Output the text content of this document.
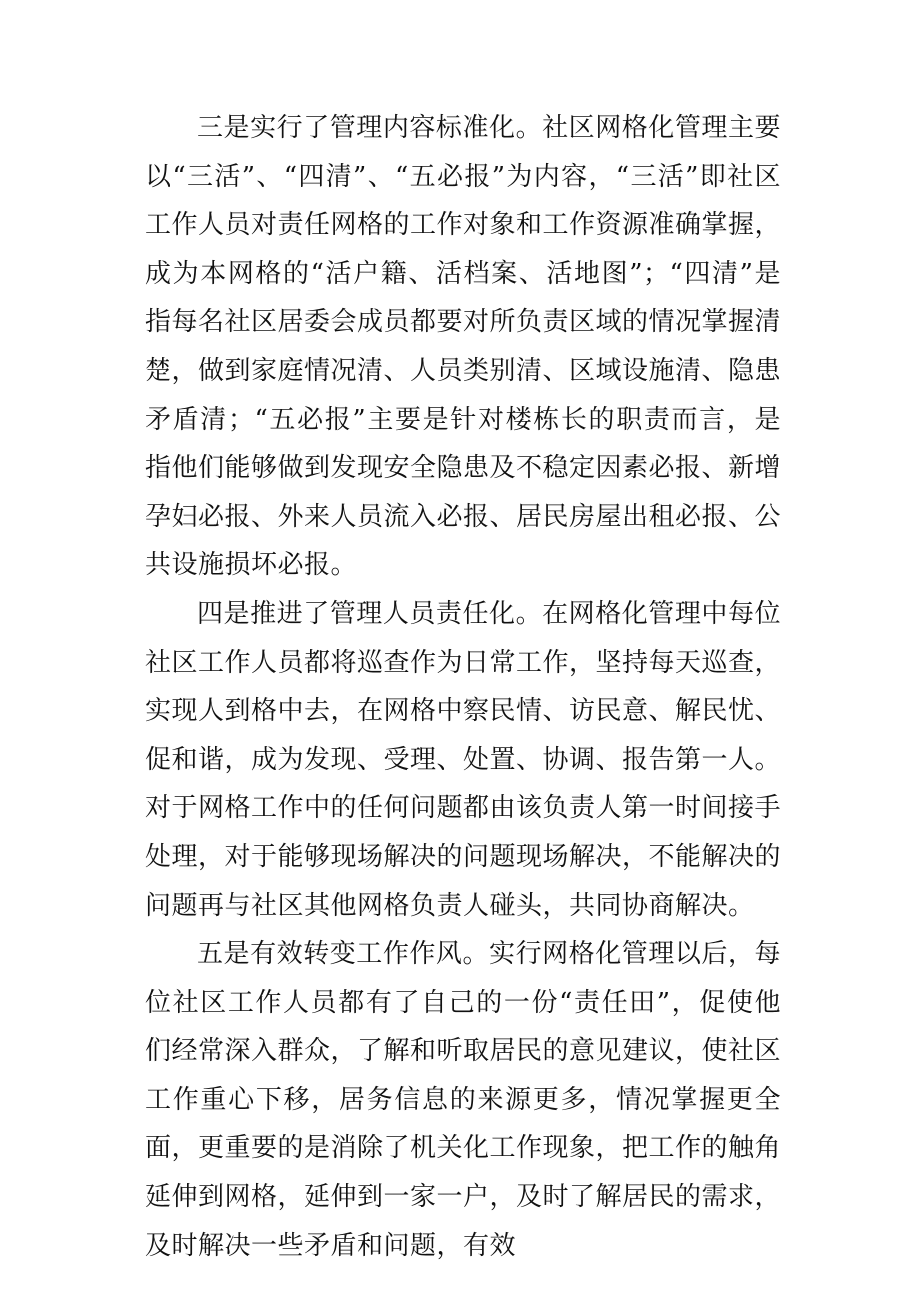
三是实行了管理内容标准化。社区网格化管理主要以“三活”、“四清”、“五必报”为内容，“三活”即社区工作人员对责任网格的工作对象和工作资源准确掌握，成为本网格的“活户籍、活档案、活地图”；“四清”是指每名社区居委会成员都要对所负责区域的情况掌握清楚，做到家庭情况清、人员类别清、区域设施清、隐患矛盾清；“五必报”主要是针对楼栋长的职责而言，是指他们能够做到发现安全隐患及不稳定因素必报、新增孕妇必报、外来人员流入必报、居民房屋出租必报、公共设施损坏必报。

四是推进了管理人员责任化。在网格化管理中每位社区工作人员都将巡查作为日常工作，坚持每天巡查，实现人到格中去，在网格中察民情、访民意、解民忧、促和谐，成为发现、受理、处置、协调、报告第一人。对于网格工作中的任何问题都由该负责人第一时间接手处理，对于能够现场解决的问题现场解决，不能解决的问题再与社区其他网格负责人碰头，共同协商解决。

五是有效转变工作作风。实行网格化管理以后，每位社区工作人员都有了自己的一份“责任田”，促使他们经常深入群众，了解和听取居民的意见建议，使社区工作重心下移，居务信息的来源更多，情况掌握更全面，更重要的是消除了机关化工作现象，把工作的触角延伸到网格，延伸到一家一户，及时了解居民的需求，及时解决一些矛盾和问题，有效
